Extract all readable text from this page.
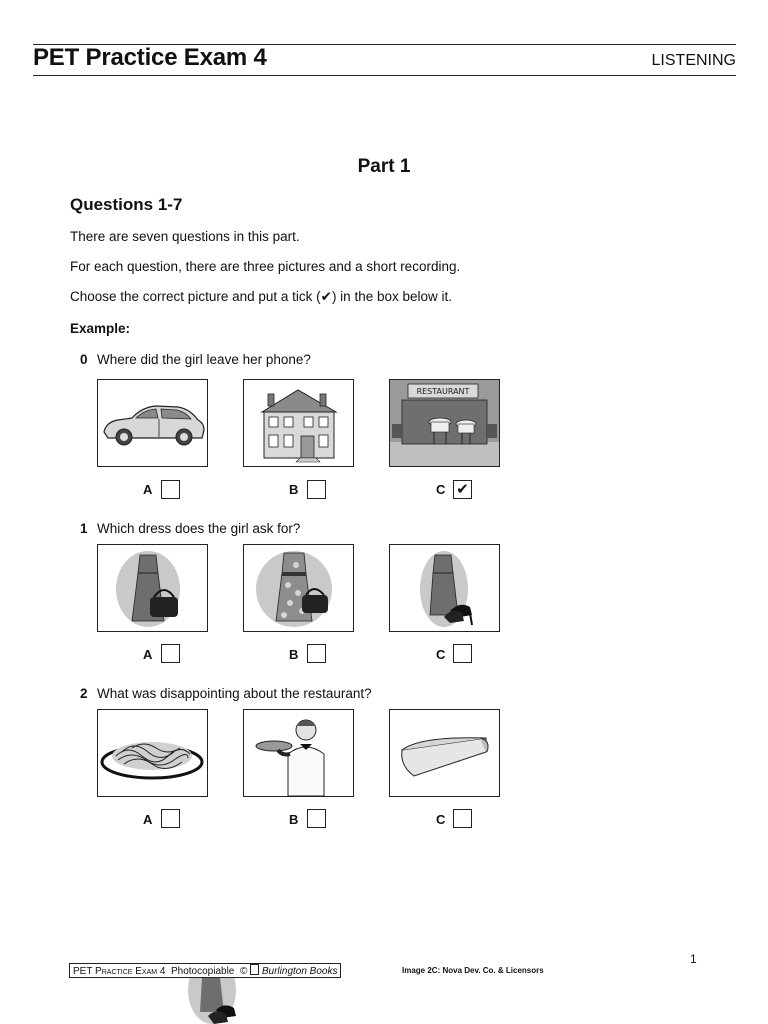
PET Practice Exam 4	LISTENING
Part 1
Questions 1-7
There are seven questions in this part.
For each question, there are three pictures and a short recording.
Choose the correct picture and put a tick (✔) in the box below it.
Example:
0 Where did the girl leave her phone?
RESTAURANT
A	B	C ✔
1 Which dress does the girl ask for?
A	B	C
2 What was disappointing about the restaurant?
A	B	C
1
PET PRACTICE EXAM 4 Photocopiable © Burlington Books	Image 2C: Nova Dev. Co. & Licensors
